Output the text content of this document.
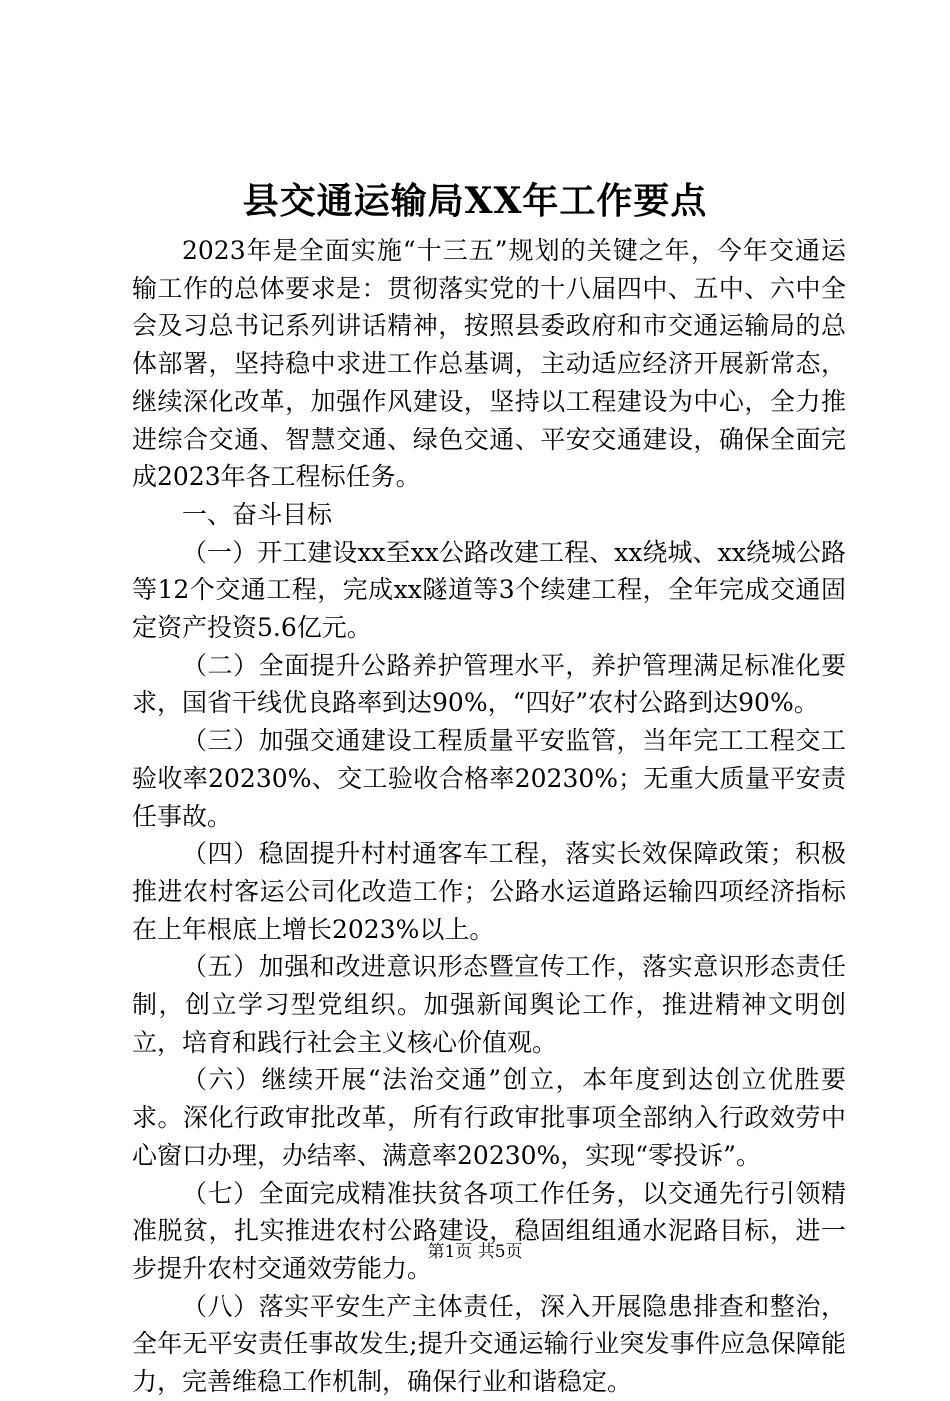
县交通运输局XX年工作要点

2023年是全面实施“十三五”规划的关键之年，今年交通运输工作的总体要求是：贯彻落实党的十八届四中、五中、六中全会及习总书记系列讲话精神，按照县委政府和市交通运输局的总体部署，坚持稳中求进工作总基调，主动适应经济开展新常态，继续深化改革，加强作风建设，坚持以工程建设为中心，全力推进综合交通、智慧交通、绿色交通、平安交通建设，确保全面完成2023年各工程标任务。

一、奋斗目标

（一）开工建设xx至xx公路改建工程、xx绕城、xx绕城公路等12个交通工程，完成xx隧道等3个续建工程，全年完成交通固定资产投资5.6亿元。

（二）全面提升公路养护管理水平，养护管理满足标准化要求，国省干线优良路率到达90%，“四好”农村公路到达90%。

（三）加强交通建设工程质量平安监管，当年完工工程交工验收率20230%、交工验收合格率20230%；无重大质量平安责任事故。

（四）稳固提升村村通客车工程，落实长效保障政策；积极推进农村客运公司化改造工作；公路水运道路运输四项经济指标在上年根底上增长2023%以上。

（五）加强和改进意识形态暨宣传工作，落实意识形态责任制，创立学习型党组织。加强新闻舆论工作，推进精神文明创立，培育和践行社会主义核心价值观。

（六）继续开展“法治交通”创立，本年度到达创立优胜要求。深化行政审批改革，所有行政审批事项全部纳入行政效劳中心窗口办理，办结率、满意率20230%，实现“零投诉”。

（七）全面完成精准扶贫各项工作任务，以交通先行引领精准脱贫，扎实推进农村公路建设，稳固组组通水泥路目标，进一步提升农村交通效劳能力。

（八）落实平安生产主体责任，深入开展隐患排查和整治，全年无平安责任事故发生;提升交通运输行业突发事件应急保障能力，完善维稳工作机制，确保行业和谐稳定。

第1页 共5页
